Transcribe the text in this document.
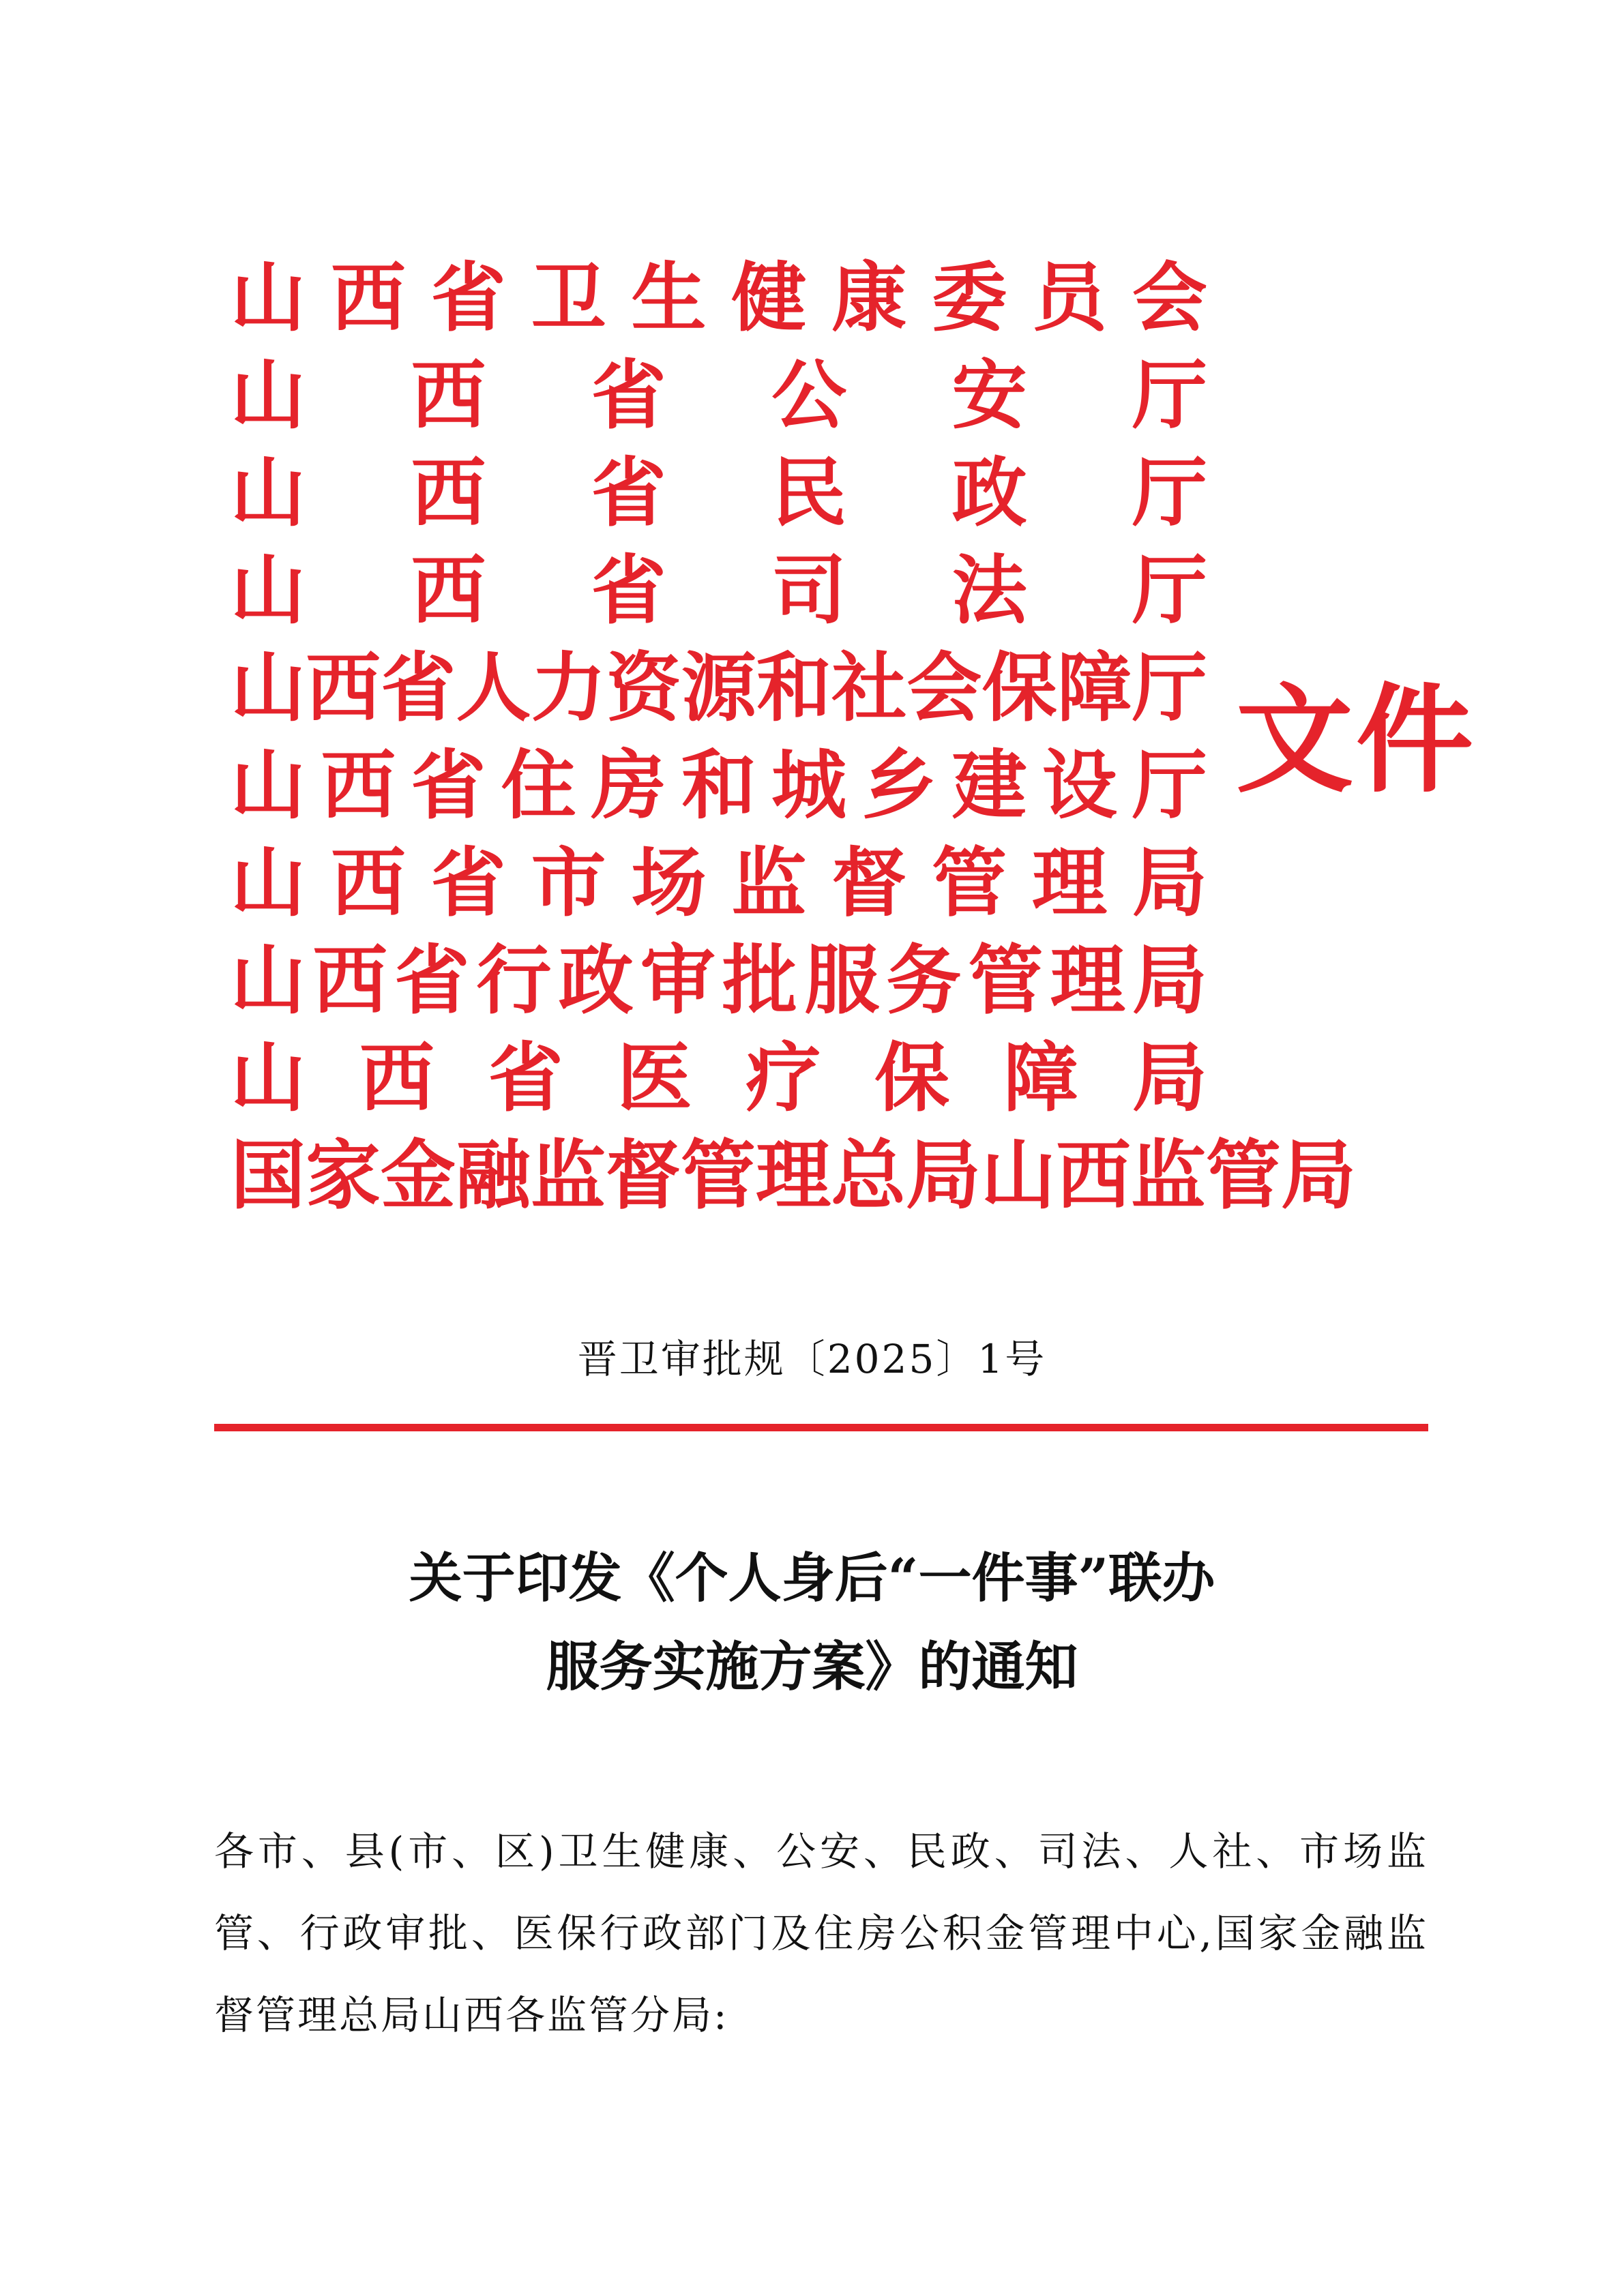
山 西 省 卫 生 健 康 委 员 会
山 西 省 公 安 厅
山 西 省 民 政 厅
山 西 省 司 法 厅
山 西 省 人 力 资 源 和 社 会 保 障 厅
山 西 省 住 房 和 城 乡 建 设 厅
山 西 省 市 场 监 督 管 理 局
山 西 省 行 政 审 批 服 务 管 理 局
山 西 省 医 疗 保 障 局
国 家 金 融 监 督 管 理 总 局 山 西 监 管 局
文件
晋卫审批规〔2025〕1号
关于印发《个人身后“一件事”联办
服务实施方案》的通知
各市、县(市、区)卫生健康、公安、民政、司法、人社、市场监管、行政审批、医保行政部门及住房公积金管理中心,国家金融监督管理总局山西各监管分局:
